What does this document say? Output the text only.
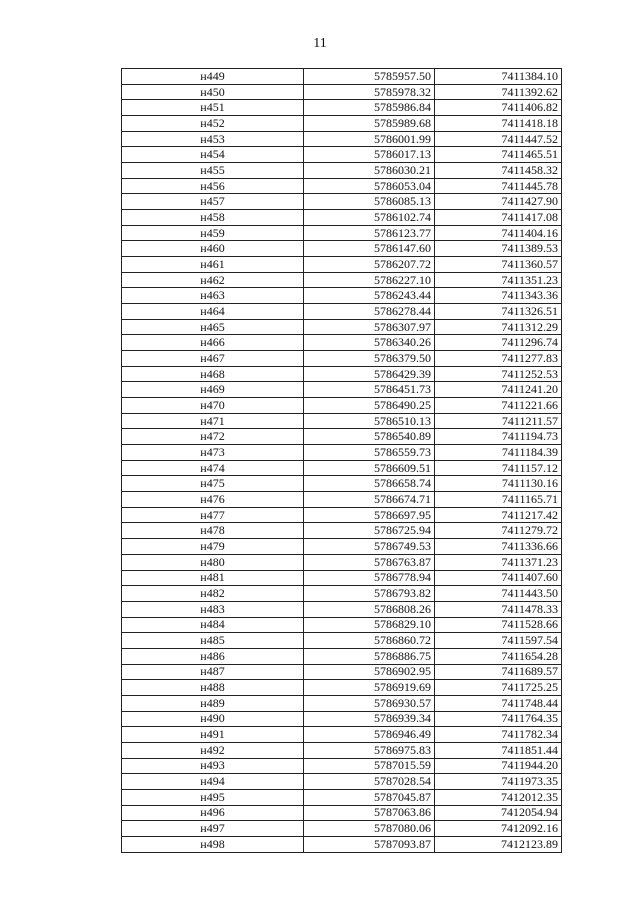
11
н449	5785957.50	7411384.10
н450	5785978.32	7411392.62
н451	5785986.84	7411406.82
н452	5785989.68	7411418.18
н453	5786001.99	7411447.52
н454	5786017.13	7411465.51
н455	5786030.21	7411458.32
н456	5786053.04	7411445.78
н457	5786085.13	7411427.90
н458	5786102.74	7411417.08
н459	5786123.77	7411404.16
н460	5786147.60	7411389.53
н461	5786207.72	7411360.57
н462	5786227.10	7411351.23
н463	5786243.44	7411343.36
н464	5786278.44	7411326.51
н465	5786307.97	7411312.29
н466	5786340.26	7411296.74
н467	5786379.50	7411277.83
н468	5786429.39	7411252.53
н469	5786451.73	7411241.20
н470	5786490.25	7411221.66
н471	5786510.13	7411211.57
н472	5786540.89	7411194.73
н473	5786559.73	7411184.39
н474	5786609.51	7411157.12
н475	5786658.74	7411130.16
н476	5786674.71	7411165.71
н477	5786697.95	7411217.42
н478	5786725.94	7411279.72
н479	5786749.53	7411336.66
н480	5786763.87	7411371.23
н481	5786778.94	7411407.60
н482	5786793.82	7411443.50
н483	5786808.26	7411478.33
н484	5786829.10	7411528.66
н485	5786860.72	7411597.54
н486	5786886.75	7411654.28
н487	5786902.95	7411689.57
н488	5786919.69	7411725.25
н489	5786930.57	7411748.44
н490	5786939.34	7411764.35
н491	5786946.49	7411782.34
н492	5786975.83	7411851.44
н493	5787015.59	7411944.20
н494	5787028.54	7411973.35
н495	5787045.87	7412012.35
н496	5787063.86	7412054.94
н497	5787080.06	7412092.16
н498	5787093.87	7412123.89
